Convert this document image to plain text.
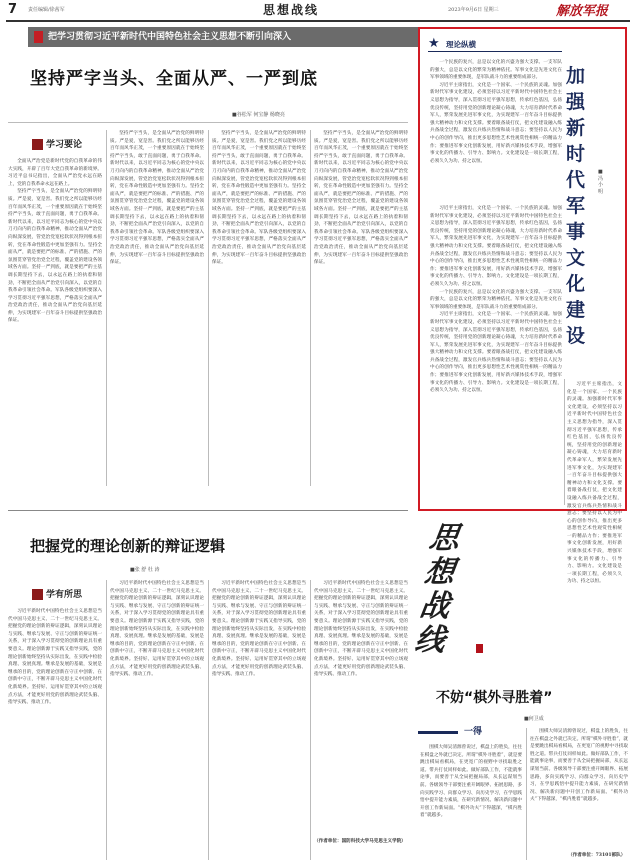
7 责任编辑/徐茜军	思想战线	2023年9月6日 星期三	解放军报
把学习贯彻习近平新时代中国特色社会主义思想不断引向深入
坚持严字当头、全面从严、一严到底
■谷松军 何宝静 杨晓亮
学习要论

全面从严治党是新时代党的自我革命的伟大实践，开辟了百年大党自我革命的新境界。习近平总书记指出，全面从严治党永远在路上，党的自我革命永远在路上。

坚持严字当头，是全面从严治党的鲜明特质。严是爱，宽是害。我们党之所以能够历经百年而风华正茂，一个重要原因就在于始终坚持严字当头，敢于直面问题，勇于自我革命。新时代以来，以习近平同志为核心的党中央以刀刃向内的自我革命精神，推动全面从严治党向纵深发展，管党治党宽松软状况得到根本扭转，党在革命性锻造中更加坚强有力。坚持全面从严，就是要把严的标准、严的措施、严的氛围贯穿管党治党全过程，覆盖党的建设各领域各方面。坚持一严到底，就是要把严的主基调长期坚持下去，以永远在路上的执着和韧劲，不断把全面从严治党引向深入，以党的自我革命引领社会革命。军队各级党组织要深入学习贯彻习近平强军思想，严格落实全面从严治党政治责任，推动全面从严治党向基层延伸，为实现建军一百年奋斗目标提供坚强政治保证。

坚持严字当头，是全面从严治党的鲜明特质。严是爱，宽是害。我们党之所以能够历经百年而风华正茂，一个重要原因就在于始终坚持严字当头，敢于直面问题，勇于自我革命。新时代以来，以习近平同志为核心的党中央以刀刃向内的自我革命精神，推动全面从严治党向纵深发展，管党治党宽松软状况得到根本扭转，党在革命性锻造中更加坚强有力。坚持全面从严，就是要把严的标准、严的措施、严的氛围贯穿管党治党全过程，覆盖党的建设各领域各方面。坚持一严到底，就是要把严的主基调长期坚持下去，以永远在路上的执着和韧劲，不断把全面从严治党引向深入，以党的自我革命引领社会革命。军队各级党组织要深入学习贯彻习近平强军思想，严格落实全面从严治党政治责任，推动全面从严治党向基层延伸，为实现建军一百年奋斗目标提供坚强政治保证。

坚持严字当头，是全面从严治党的鲜明特质。严是爱，宽是害。我们党之所以能够历经百年而风华正茂，一个重要原因就在于始终坚持严字当头，敢于直面问题，勇于自我革命。新时代以来，以习近平同志为核心的党中央以刀刃向内的自我革命精神，推动全面从严治党向纵深发展，管党治党宽松软状况得到根本扭转，党在革命性锻造中更加坚强有力。坚持全面从严，就是要把严的标准、严的措施、严的氛围贯穿管党治党全过程，覆盖党的建设各领域各方面。坚持一严到底，就是要把严的主基调长期坚持下去，以永远在路上的执着和韧劲，不断把全面从严治党引向深入，以党的自我革命引领社会革命。军队各级党组织要深入学习贯彻习近平强军思想，严格落实全面从严治党政治责任，推动全面从严治党向基层延伸，为实现建军一百年奋斗目标提供坚强政治保证。

坚持严字当头，是全面从严治党的鲜明特质。严是爱，宽是害。我们党之所以能够历经百年而风华正茂，一个重要原因就在于始终坚持严字当头，敢于直面问题，勇于自我革命。新时代以来，以习近平同志为核心的党中央以刀刃向内的自我革命精神，推动全面从严治党向纵深发展，管党治党宽松软状况得到根本扭转，党在革命性锻造中更加坚强有力。坚持全面从严，就是要把严的标准、严的措施、严的氛围贯穿管党治党全过程，覆盖党的建设各领域各方面。坚持一严到底，就是要把严的主基调长期坚持下去，以永远在路上的执着和韧劲，不断把全面从严治党引向深入，以党的自我革命引领社会革命。军队各级党组织要深入学习贯彻习近平强军思想，严格落实全面从严治党政治责任，推动全面从严治党向基层延伸，为实现建军一百年奋斗目标提供坚强政治保证。

把握党的理论创新的辩证逻辑
■张 舒 杜 涛
学有所思

习近平新时代中国特色社会主义思想是当代中国马克思主义、二十一世纪马克思主义。把握党的理论创新的辩证逻辑，深刻认识理论与实践、继承与发展、守正与创新的辩证统一关系，对于深入学习贯彻党的创新理论具有重要意义。理论创新源于实践又指导实践，党的理论创新始终坚持从实际出发，在实践中检验真理、发展真理。继承是发展的基础，发展是继承的目的，党的理论创新在守正中创新、在创新中守正，不断开辟马克思主义中国化时代化新境界。坚持好、运用好贯穿其中的立场观点方法，才能更好用党的创新理论武装头脑、指导实践、推动工作。

习近平新时代中国特色社会主义思想是当代中国马克思主义、二十一世纪马克思主义。把握党的理论创新的辩证逻辑，深刻认识理论与实践、继承与发展、守正与创新的辩证统一关系，对于深入学习贯彻党的创新理论具有重要意义。理论创新源于实践又指导实践，党的理论创新始终坚持从实际出发，在实践中检验真理、发展真理。继承是发展的基础，发展是继承的目的，党的理论创新在守正中创新、在创新中守正，不断开辟马克思主义中国化时代化新境界。坚持好、运用好贯穿其中的立场观点方法，才能更好用党的创新理论武装头脑、指导实践、推动工作。

习近平新时代中国特色社会主义思想是当代中国马克思主义、二十一世纪马克思主义。把握党的理论创新的辩证逻辑，深刻认识理论与实践、继承与发展、守正与创新的辩证统一关系，对于深入学习贯彻党的创新理论具有重要意义。理论创新源于实践又指导实践，党的理论创新始终坚持从实际出发，在实践中检验真理、发展真理。继承是发展的基础，发展是继承的目的，党的理论创新在守正中创新、在创新中守正，不断开辟马克思主义中国化时代化新境界。坚持好、运用好贯穿其中的立场观点方法，才能更好用党的创新理论武装头脑、指导实践、推动工作。

习近平新时代中国特色社会主义思想是当代中国马克思主义、二十一世纪马克思主义。把握党的理论创新的辩证逻辑，深刻认识理论与实践、继承与发展、守正与创新的辩证统一关系，对于深入学习贯彻党的创新理论具有重要意义。理论创新源于实践又指导实践，党的理论创新始终坚持从实际出发，在实践中检验真理、发展真理。继承是发展的基础，发展是继承的目的，党的理论创新在守正中创新、在创新中守正，不断开辟马克思主义中国化时代化新境界。坚持好、运用好贯穿其中的立场观点方法，才能更好用党的创新理论武装头脑、指导实践、推动工作。

（作者单位：国防科技大学马克思主义学院）
思想战线
★ 理论纵横

一个民族的复兴，总是以文化的兴盛为强大支撑。一支军队的强大，总是以文化的繁荣为精神依托。军事文化是先进文化在军事领域的重要体现，是军队战斗力的重要组成部分。

习近平主席指出，文化是一个国家、一个民族的灵魂。加强新时代军事文化建设，必须坚持以习近平新时代中国特色社会主义思想为指导，深入贯彻习近平强军思想，传承红色基因，弘扬优良传统，坚持用党的创新理论凝心铸魂，大力培育新时代革命军人，繁荣发展先进军事文化，为实现建军一百年奋斗目标提供强大精神动力和文化支撑。要着眼备战打仗，把文化建设融入练兵备战全过程，激发官兵练兵热情和战斗意志；要坚持以人民为中心的创作导向，推出更多思想性艺术性观赏性相统一的精品力作；要推进军事文化创新发展，用好新兴媒体技术手段，增强军事文化的传播力、引导力、影响力。文化建设是一项长期工程，必须久久为功、持之以恒。

加强新时代军事文化建设
■冯小明

习近平主席指出，文化是一个国家、一个民族的灵魂。加强新时代军事文化建设，必须坚持以习近平新时代中国特色社会主义思想为指导，深入贯彻习近平强军思想，传承红色基因，弘扬优良传统，坚持用党的创新理论凝心铸魂，大力培育新时代革命军人，繁荣发展先进军事文化，为实现建军一百年奋斗目标提供强大精神动力和文化支撑。要着眼备战打仗，把文化建设融入练兵备战全过程，激发官兵练兵热情和战斗意志；要坚持以人民为中心的创作导向，推出更多思想性艺术性观赏性相统一的精品力作；要推进军事文化创新发展，用好新兴媒体技术手段，增强军事文化的传播力、引导力、影响力。文化建设是一项长期工程，必须久久为功、持之以恒。

一个民族的复兴，总是以文化的兴盛为强大支撑。一支军队的强大，总是以文化的繁荣为精神依托。军事文化是先进文化在军事领域的重要体现，是军队战斗力的重要组成部分。

习近平主席指出，文化是一个国家、一个民族的灵魂。加强新时代军事文化建设，必须坚持以习近平新时代中国特色社会主义思想为指导，深入贯彻习近平强军思想，传承红色基因，弘扬优良传统，坚持用党的创新理论凝心铸魂，大力培育新时代革命军人，繁荣发展先进军事文化，为实现建军一百年奋斗目标提供强大精神动力和文化支撑。要着眼备战打仗，把文化建设融入练兵备战全过程，激发官兵练兵热情和战斗意志；要坚持以人民为中心的创作导向，推出更多思想性艺术性观赏性相统一的精品力作；要推进军事文化创新发展，用好新兴媒体技术手段，增强军事文化的传播力、引导力、影响力。文化建设是一项长期工程，必须久久为功、持之以恒。

习近平主席指出，文化是一个国家、一个民族的灵魂。加强新时代军事文化建设，必须坚持以习近平新时代中国特色社会主义思想为指导，深入贯彻习近平强军思想，传承红色基因，弘扬优良传统，坚持用党的创新理论凝心铸魂，大力培育新时代革命军人，繁荣发展先进军事文化，为实现建军一百年奋斗目标提供强大精神动力和文化支撑。要着眼备战打仗，把文化建设融入练兵备战全过程，激发官兵练兵热情和战斗意志；要坚持以人民为中心的创作导向，推出更多思想性艺术性观赏性相统一的精品力作；要推进军事文化创新发展，用好新兴媒体技术手段，增强军事文化的传播力、引导力、影响力。文化建设是一项长期工程，必须久久为功、持之以恒。

不妨“棋外寻胜着”
■何卫成
一得

围棋大师吴清源曾说过，棋盘上的胜负，往往在棋盘之外就已决定。所谓“棋外寻胜着”，就是要跳出棋局看棋局，在更宽广的视野中寻找取胜之道。带兵打仗同样如此。做好部队工作，不能就事论事，而要善于从全局把握局部，从长远谋划当前。各级领导干部要注重开阔眼界、拓展思路，多向实践学习、向群众学习、向历史学习，在学思践悟中提升能力素质，在研究新情况、解决新问题中开创工作新局面。“棋外功夫”下得越深，“棋内胜着”就越多。

围棋大师吴清源曾说过，棋盘上的胜负，往往在棋盘之外就已决定。所谓“棋外寻胜着”，就是要跳出棋局看棋局，在更宽广的视野中寻找取胜之道。带兵打仗同样如此。做好部队工作，不能就事论事，而要善于从全局把握局部，从长远谋划当前。各级领导干部要注重开阔眼界、拓展思路，多向实践学习、向群众学习、向历史学习，在学思践悟中提升能力素质，在研究新情况、解决新问题中开创工作新局面。“棋外功夫”下得越深，“棋内胜着”就越多。

（作者单位：73101部队）
